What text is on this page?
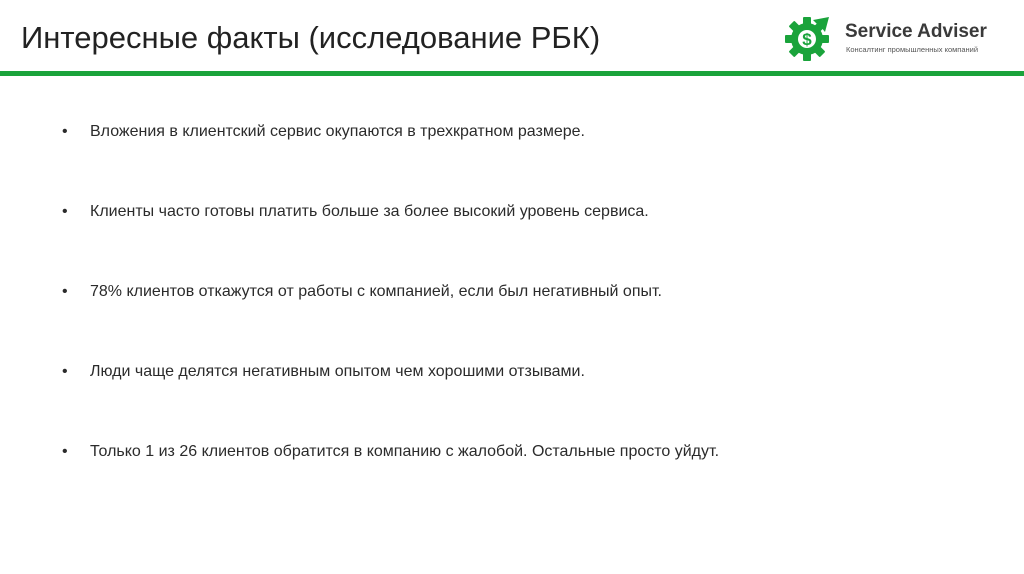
Интересные факты (исследование РБК)	$ Service Adviser
Консалтинг промышленных компаний
• Вложения в клиентский сервис окупаются в трехкратном размере.
• Клиенты часто готовы платить больше за более высокий уровень сервиса.
• 78% клиентов откажутся от работы с компанией, если был негативный опыт.
• Люди чаще делятся негативным опытом чем хорошими отзывами.
• Только 1 из 26 клиентов обратится в компанию с жалобой. Остальные просто уйдут.
